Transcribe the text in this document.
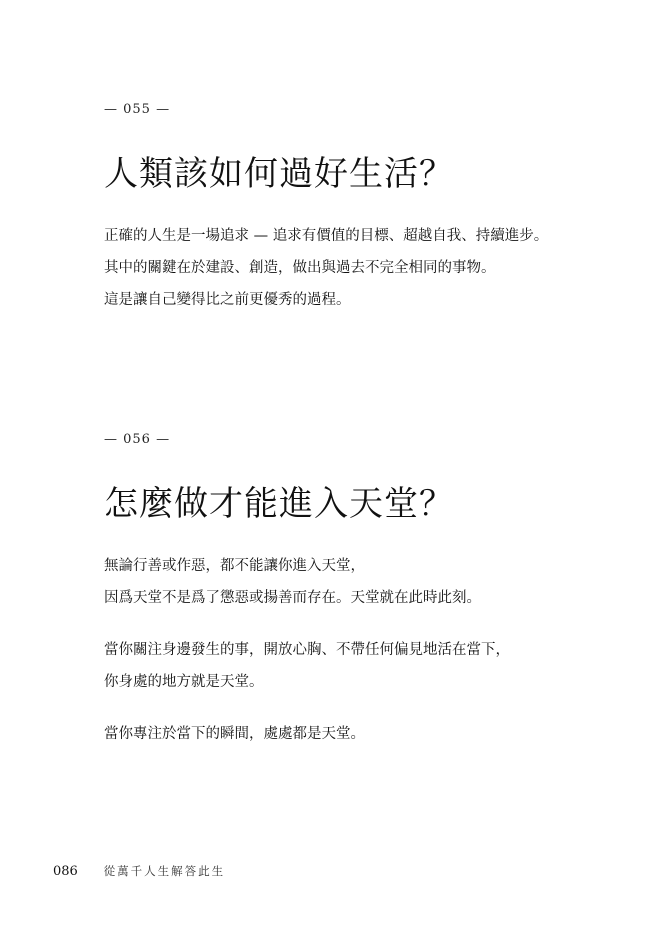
— 055 —
人類該如何過好生活？
正確的人生是一場追求 — 追求有價值的目標、超越自我、持續進步。
其中的關鍵在於建設、創造，做出與過去不完全相同的事物。
這是讓自己變得比之前更優秀的過程。
— 056 —
怎麼做才能進入天堂？
無論行善或作惡，都不能讓你進入天堂，
因爲天堂不是爲了懲惡或揚善而存在。天堂就在此時此刻。
當你關注身邊發生的事，開放心胸、不帶任何偏見地活在當下，
你身處的地方就是天堂。
當你專注於當下的瞬間，處處都是天堂。
086 從萬千人生解答此生
